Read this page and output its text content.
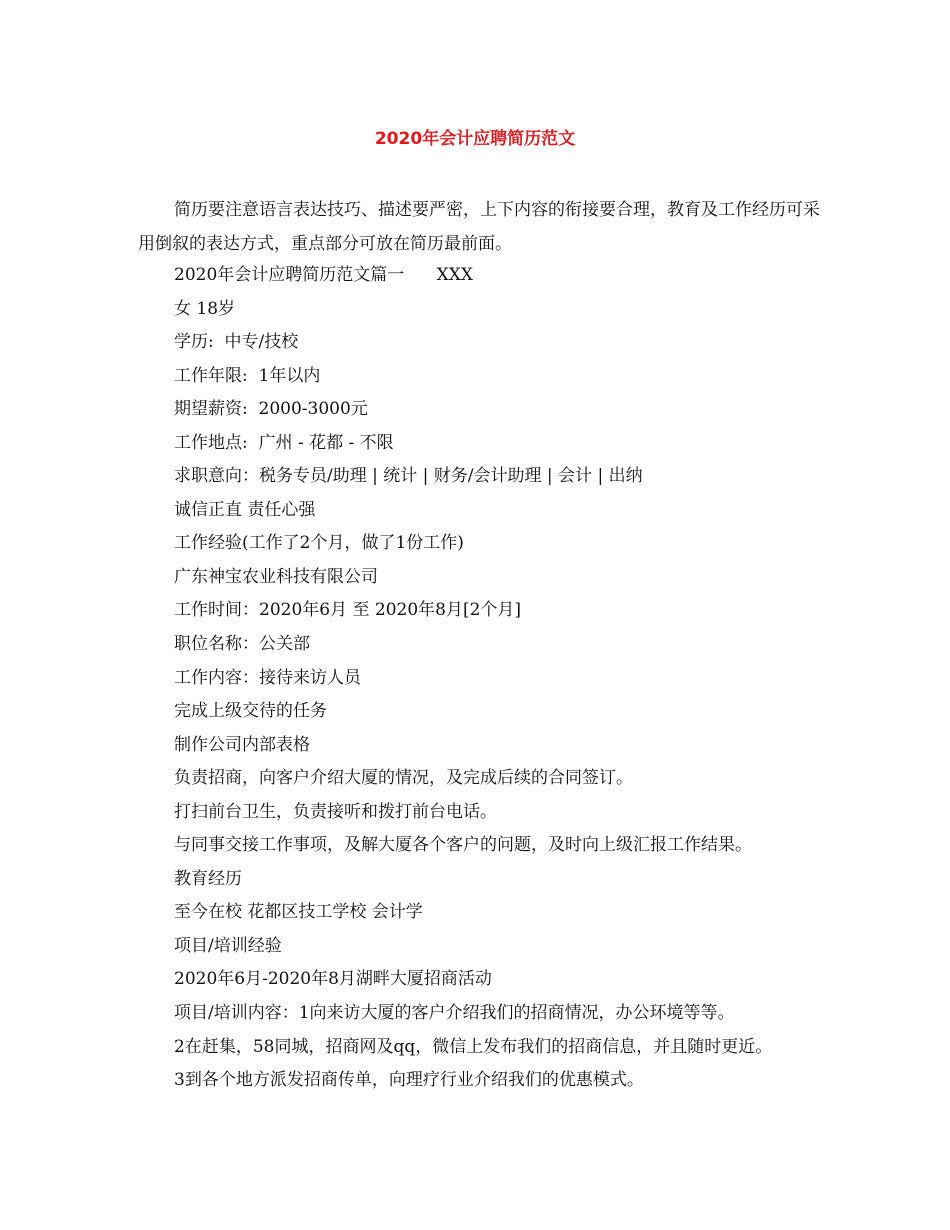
2020年会计应聘简历范文

简历要注意语言表达技巧、描述要严密，上下内容的衔接要合理，教育及工作经历可采用倒叙的表达方式，重点部分可放在简历最前面。

2020年会计应聘简历范文篇一      XXX
女 18岁
学历:  中专/技校
工作年限:  1年以内
期望薪资:  2000-3000元
工作地点:  广州 - 花都 - 不限
求职意向：税务专员/助理 | 统计 | 财务/会计助理 | 会计 | 出纳
诚信正直 责任心强
工作经验(工作了2个月，做了1份工作)
广东神宝农业科技有限公司
工作时间：2020年6月 至 2020年8月[2个月]
职位名称：公关部
工作内容：接待来访人员
完成上级交待的任务
制作公司内部表格
负责招商，向客户介绍大厦的情况，及完成后续的合同签订。
打扫前台卫生，负责接听和拨打前台电话。
与同事交接工作事项，及解大厦各个客户的问题，及时向上级汇报工作结果。
教育经历
至今在校 花都区技工学校 会计学
项目/培训经验
2020年6月-2020年8月湖畔大厦招商活动
项目/培训内容：1向来访大厦的客户介绍我们的招商情况，办公环境等等。
2在赶集，58同城，招商网及qq，微信上发布我们的招商信息，并且随时更近。
3到各个地方派发招商传单，向理疗行业介绍我们的优惠模式。
